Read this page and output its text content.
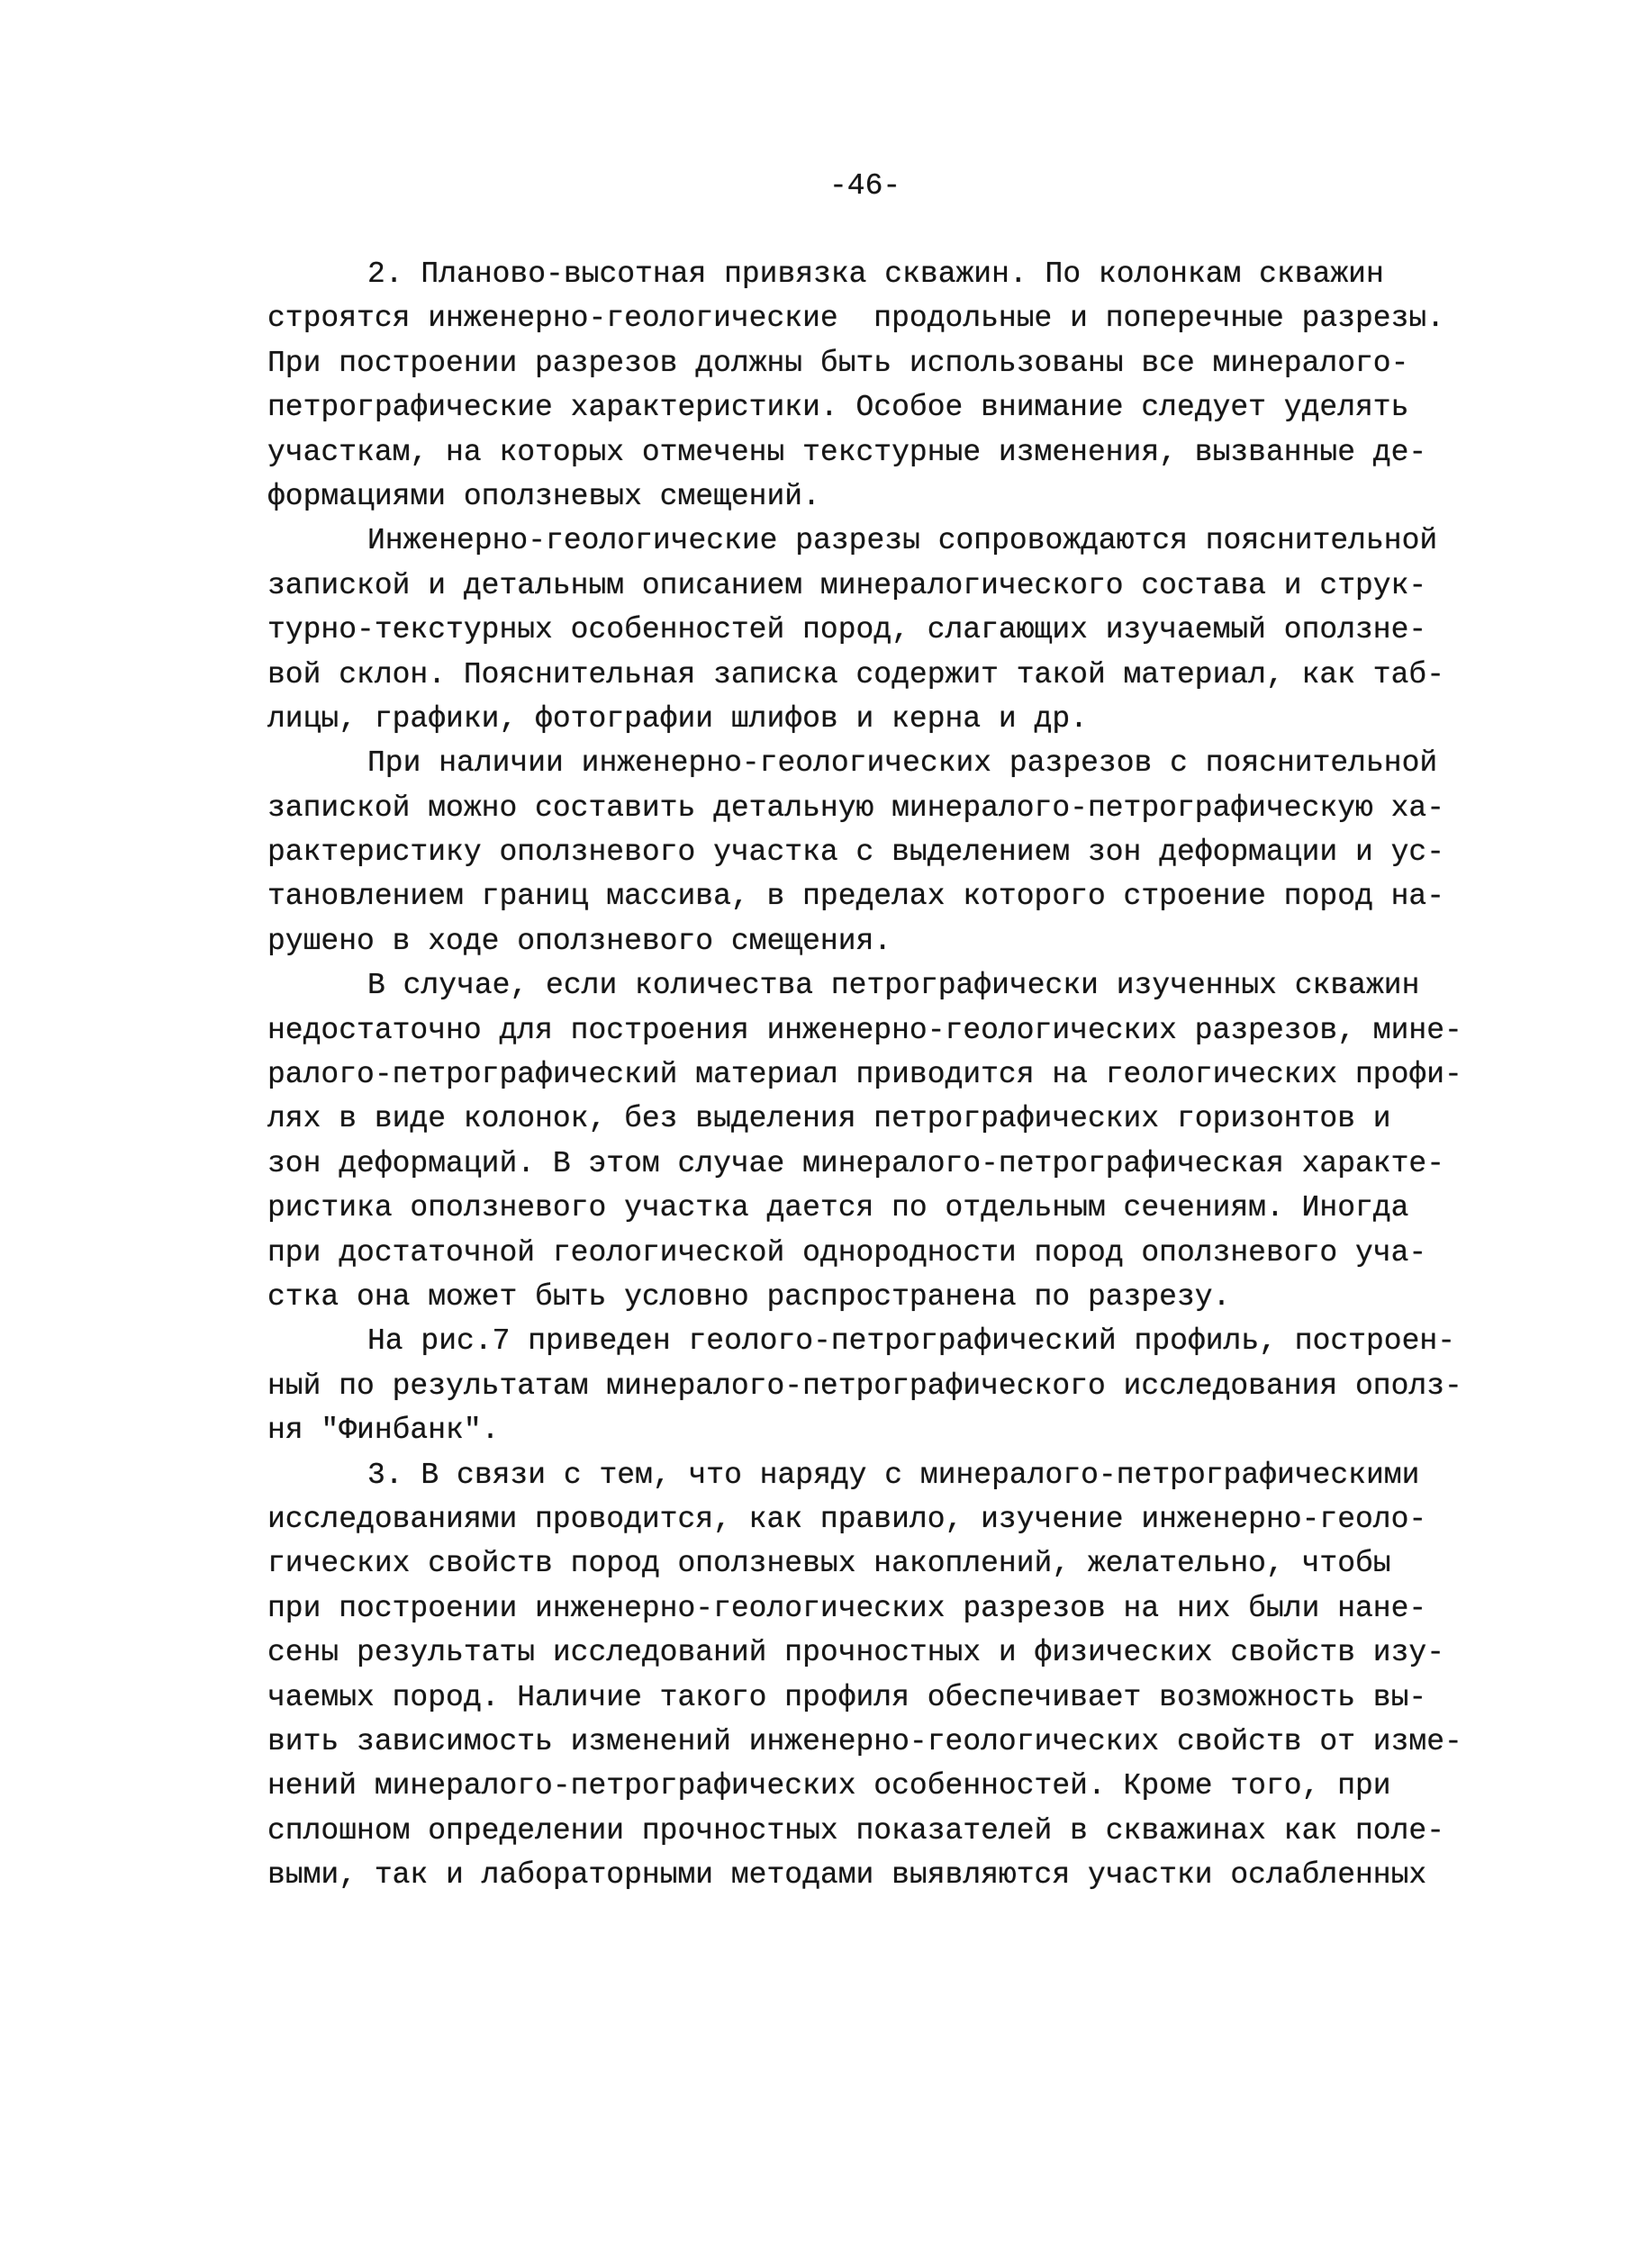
-46-
2. Планово-высотная привязка скважин. По колонкам скважин
строятся инженерно-геологические  продольные и поперечные разрезы.
При построении разрезов должны быть использованы все минералого-
петрографические характеристики. Особое внимание следует уделять
участкам, на которых отмечены текстурные изменения, вызванные де-
формациями оползневых смещений.
Инженерно-геологические разрезы сопровождаются пояснительной
запиской и детальным описанием минералогического состава и струк-
турно-текстурных особенностей пород, слагающих изучаемый оползне-
вой склон. Пояснительная записка содержит такой материал, как таб-
лицы, графики, фотографии шлифов и керна и др.
При наличии инженерно-геологических разрезов с пояснительной
запиской можно составить детальную минералого-петрографическую ха-
рактеристику оползневого участка с выделением зон деформации и ус-
тановлением границ массива, в пределах которого строение пород на-
рушено в ходе оползневого смещения.
В случае, если количества петрографически изученных скважин
недостаточно для построения инженерно-геологических разрезов, мине-
ралого-петрографический материал приводится на геологических профи-
лях в виде колонок, без выделения петрографических горизонтов и
зон деформаций. В этом случае минералого-петрографическая характе-
ристика оползневого участка дается по отдельным сечениям. Иногда
при достаточной геологической однородности пород оползневого уча-
стка она может быть условно распространена по разрезу.
На рис.7 приведен геолого-петрографический профиль, построен-
ный по результатам минералого-петрографического исследования ополз-
ня "Финбанк".
3. В связи с тем, что наряду с минералого-петрографическими
исследованиями проводится, как правило, изучение инженерно-геоло-
гических свойств пород оползневых накоплений, желательно, чтобы
при построении инженерно-геологических разрезов на них были нане-
сены результаты исследований прочностных и физических свойств изу-
чаемых пород. Наличие такого профиля обеспечивает возможность вы-
вить зависимость изменений инженерно-геологических свойств от изме-
нений минералого-петрографических особенностей. Кроме того, при
сплошном определении прочностных показателей в скважинах как поле-
выми, так и лабораторными методами выявляются участки ослабленных
